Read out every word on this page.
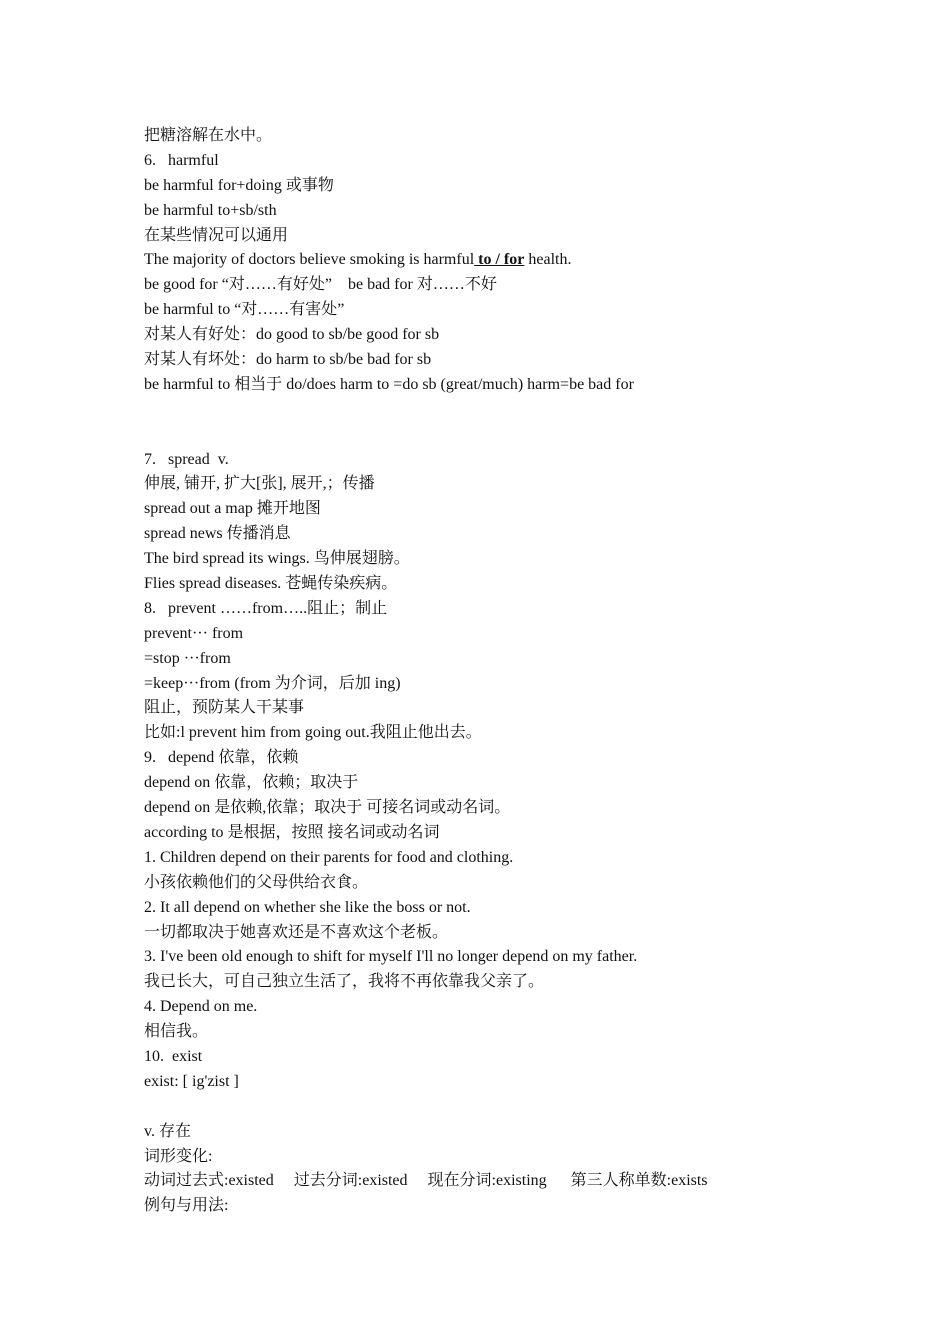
把糖溶解在水中。
6.   harmful
be harmful for+doing 或事物
be harmful to+sb/sth
在某些情况可以通用
The majority of doctors believe smoking is harmful to / for health.
be good for “对……有好处”    be bad for 对……不好
be harmful to “对……有害处”
对某人有好处：do good to sb/be good for sb
对某人有坏处：do harm to sb/be bad for sb
be harmful to 相当于 do/does harm to =do sb (great/much) harm=be bad for
7.   spread  v.
伸展, 铺开, 扩大[张], 展开,；传播
spread out a map 摊开地图
spread news 传播消息
The bird spread its wings. 鸟伸展翅膀。
Flies spread diseases. 苍蝇传染疾病。
8.   prevent ……from…..阻止；制止
prevent··· from
=stop ···from
=keep···from (from 为介词，后加 ing)
阻止，预防某人干某事
比如:l prevent him from going out.我阻止他出去。
9.   depend 依靠，依赖
depend on 依靠，依赖；取决于
depend on 是依赖,依靠；取决于 可接名词或动名词。
according to 是根据，按照 接名词或动名词
1. Children depend on their parents for food and clothing.
小孩依赖他们的父母供给衣食。
2. It all depend on whether she like the boss or not.
一切都取决于她喜欢还是不喜欢这个老板。
3. I've been old enough to shift for myself I'll no longer depend on my father.
我已长大，可自己独立生活了，我将不再依靠我父亲了。
4. Depend on me.
相信我。
10.  exist
exist: [ ig'zist ]
v. 存在
词形变化:
动词过去式:existed     过去分词:existed     现在分词:existing      第三人称单数:exists
例句与用法:
